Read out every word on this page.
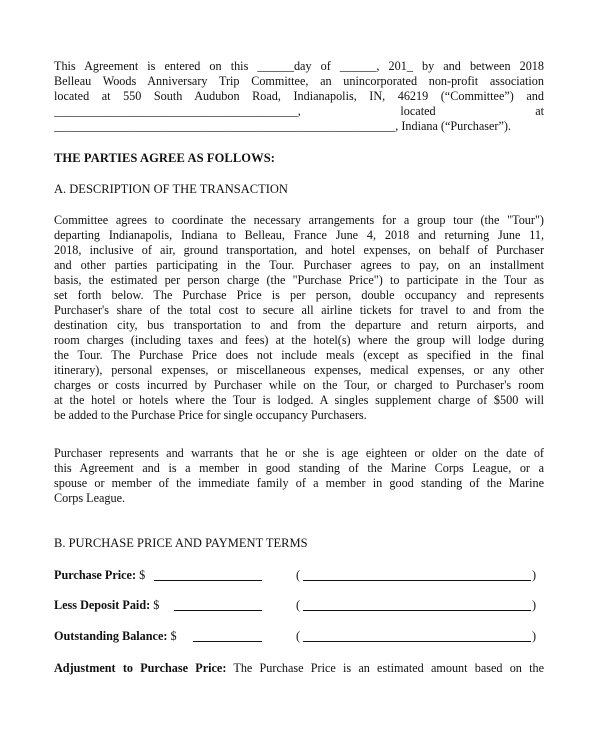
This Agreement is entered on this ______day of ______, 201_ by and between 2018
Belleau Woods Anniversary Trip Committee, an unincorporated non-profit association
located at 550 South Audubon Road, Indianapolis, IN, 46219 (“Committee”) and
________________________________________, located at
________________________________________________________, Indiana (“Purchaser”).
THE PARTIES AGREE AS FOLLOWS:
A. DESCRIPTION OF THE TRANSACTION
Committee agrees to coordinate the necessary arrangements for a group tour (the "Tour")
departing Indianapolis, Indiana to Belleau, France June 4, 2018 and returning June 11,
2018, inclusive of air, ground transportation, and hotel expenses, on behalf of Purchaser
and other parties participating in the Tour. Purchaser agrees to pay, on an installment
basis, the estimated per person charge (the "Purchase Price") to participate in the Tour as
set forth below. The Purchase Price is per person, double occupancy and represents
Purchaser's share of the total cost to secure all airline tickets for travel to and from the
destination city, bus transportation to and from the departure and return airports, and
room charges (including taxes and fees) at the hotel(s) where the group will lodge during
the Tour. The Purchase Price does not include meals (except as specified in the final
itinerary), personal expenses, or miscellaneous expenses, medical expenses, or any other
charges or costs incurred by Purchaser while on the Tour, or charged to Purchaser's room
at the hotel or hotels where the Tour is lodged. A singles supplement charge of $500 will
be added to the Purchase Price for single occupancy Purchasers.
Purchaser represents and warrants that he or she is age eighteen or older on the date of
this Agreement and is a member in good standing of the Marine Corps League, or a
spouse or member of the immediate family of a member in good standing of the Marine
Corps League.
B. PURCHASE PRICE AND PAYMENT TERMS
Purchase Price: $	(	)
Less Deposit Paid: $	(	)
Outstanding Balance: $	(	)
Adjustment to Purchase Price: The Purchase Price is an estimated amount based on the
